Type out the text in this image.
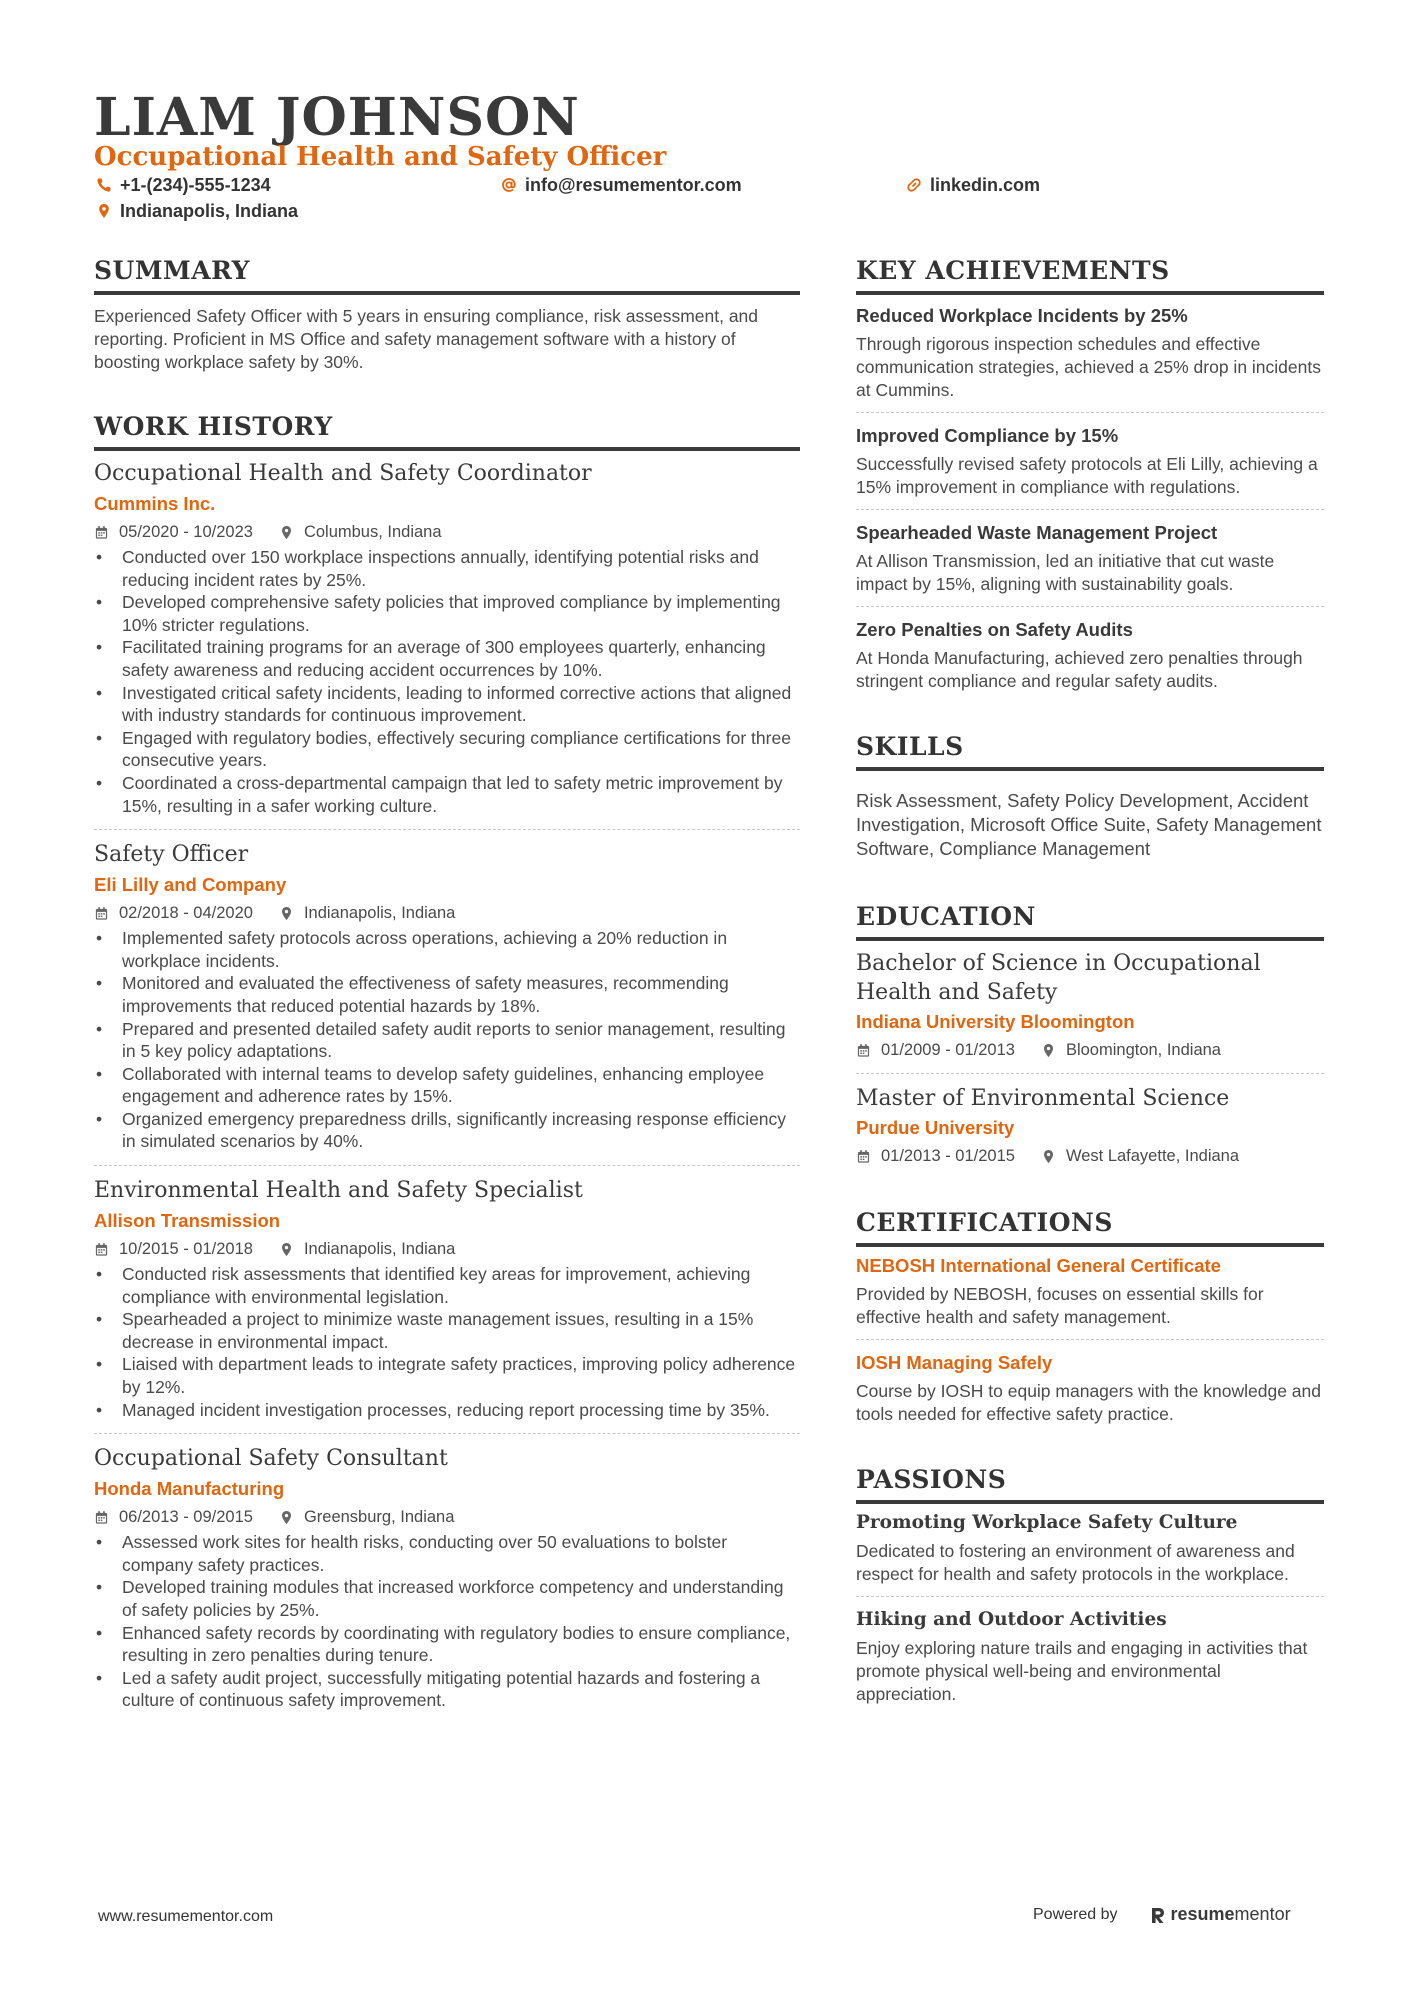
LIAM JOHNSON
Occupational Health and Safety Officer
+1-(234)-555-1234	info@resumementor.com	linkedin.com
Indianapolis, Indiana
SUMMARY
Experienced Safety Officer with 5 years in ensuring compliance, risk assessment, and reporting. Proficient in MS Office and safety management software with a history of boosting workplace safety by 30%.
WORK HISTORY
Occupational Health and Safety Coordinator
Cummins Inc.
05/2020 - 10/2023	Columbus, Indiana
• Conducted over 150 workplace inspections annually, identifying potential risks and reducing incident rates by 25%.
• Developed comprehensive safety policies that improved compliance by implementing 10% stricter regulations.
• Facilitated training programs for an average of 300 employees quarterly, enhancing safety awareness and reducing accident occurrences by 10%.
• Investigated critical safety incidents, leading to informed corrective actions that aligned with industry standards for continuous improvement.
• Engaged with regulatory bodies, effectively securing compliance certifications for three consecutive years.
• Coordinated a cross-departmental campaign that led to safety metric improvement by 15%, resulting in a safer working culture.
Safety Officer
Eli Lilly and Company
02/2018 - 04/2020	Indianapolis, Indiana
• Implemented safety protocols across operations, achieving a 20% reduction in workplace incidents.
• Monitored and evaluated the effectiveness of safety measures, recommending improvements that reduced potential hazards by 18%.
• Prepared and presented detailed safety audit reports to senior management, resulting in 5 key policy adaptations.
• Collaborated with internal teams to develop safety guidelines, enhancing employee engagement and adherence rates by 15%.
• Organized emergency preparedness drills, significantly increasing response efficiency in simulated scenarios by 40%.
Environmental Health and Safety Specialist
Allison Transmission
10/2015 - 01/2018	Indianapolis, Indiana
• Conducted risk assessments that identified key areas for improvement, achieving compliance with environmental legislation.
• Spearheaded a project to minimize waste management issues, resulting in a 15% decrease in environmental impact.
• Liaised with department leads to integrate safety practices, improving policy adherence by 12%.
• Managed incident investigation processes, reducing report processing time by 35%.
Occupational Safety Consultant
Honda Manufacturing
06/2013 - 09/2015	Greensburg, Indiana
• Assessed work sites for health risks, conducting over 50 evaluations to bolster company safety practices.
• Developed training modules that increased workforce competency and understanding of safety policies by 25%.
• Enhanced safety records by coordinating with regulatory bodies to ensure compliance, resulting in zero penalties during tenure.
• Led a safety audit project, successfully mitigating potential hazards and fostering a culture of continuous safety improvement.
KEY ACHIEVEMENTS
Reduced Workplace Incidents by 25%
Through rigorous inspection schedules and effective communication strategies, achieved a 25% drop in incidents at Cummins.
Improved Compliance by 15%
Successfully revised safety protocols at Eli Lilly, achieving a 15% improvement in compliance with regulations.
Spearheaded Waste Management Project
At Allison Transmission, led an initiative that cut waste impact by 15%, aligning with sustainability goals.
Zero Penalties on Safety Audits
At Honda Manufacturing, achieved zero penalties through stringent compliance and regular safety audits.
SKILLS
Risk Assessment, Safety Policy Development, Accident Investigation, Microsoft Office Suite, Safety Management Software, Compliance Management
EDUCATION
Bachelor of Science in Occupational Health and Safety
Indiana University Bloomington
01/2009 - 01/2013	Bloomington, Indiana
Master of Environmental Science
Purdue University
01/2013 - 01/2015	West Lafayette, Indiana
CERTIFICATIONS
NEBOSH International General Certificate
Provided by NEBOSH, focuses on essential skills for effective health and safety management.
IOSH Managing Safely
Course by IOSH to equip managers with the knowledge and tools needed for effective safety practice.
PASSIONS
Promoting Workplace Safety Culture
Dedicated to fostering an environment of awareness and respect for health and safety protocols in the workplace.
Hiking and Outdoor Activities
Enjoy exploring nature trails and engaging in activities that promote physical well-being and environmental appreciation.
www.resumementor.com	Powered by	resume mentor
